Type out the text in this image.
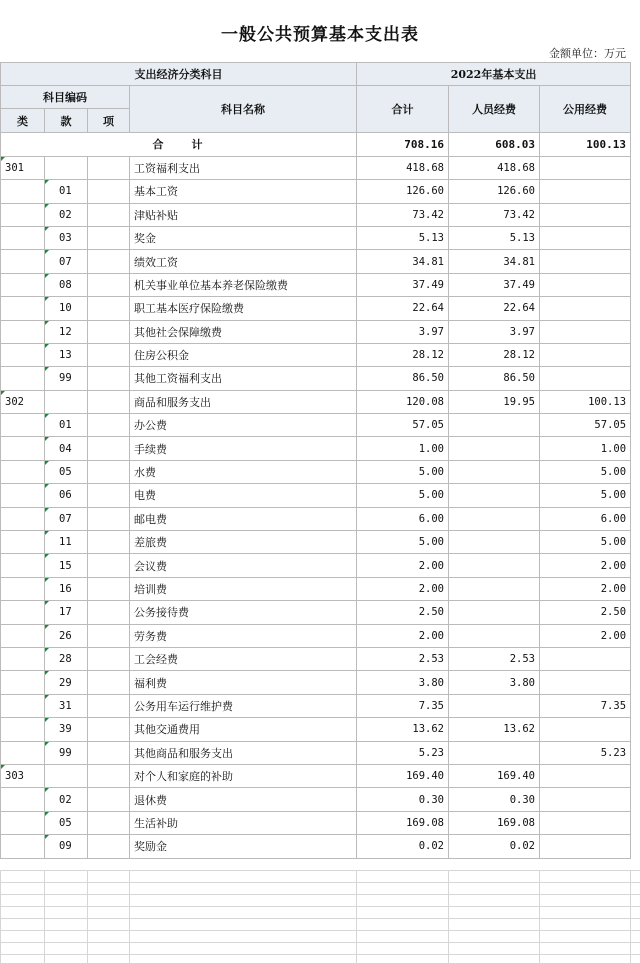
一般公共预算基本支出表
金额单位：万元
支出经济分类科目				2022年基本支出		
科目编码			科目名称	合计	人员经费	公用经费
类	款	项				
合　　计				708.16	608.03	100.13
301			工资福利支出	418.68	418.68	
	01		基本工资	126.60	126.60	
	02		津贴补贴	73.42	73.42	
	03		奖金	5.13	5.13	
	07		绩效工资	34.81	34.81	
	08		机关事业单位基本养老保险缴费	37.49	37.49	
	10		职工基本医疗保险缴费	22.64	22.64	
	12		其他社会保障缴费	3.97	3.97	
	13		住房公积金	28.12	28.12	
	99		其他工资福利支出	86.50	86.50	
302			商品和服务支出	120.08	19.95	100.13
	01		办公费	57.05		57.05
	04		手续费	1.00		1.00
	05		水费	5.00		5.00
	06		电费	5.00		5.00
	07		邮电费	6.00		6.00
	11		差旅费	5.00		5.00
	15		会议费	2.00		2.00
	16		培训费	2.00		2.00
	17		公务接待费	2.50		2.50
	26		劳务费	2.00		2.00
	28		工会经费	2.53	2.53	
	29		福利费	3.80	3.80	
	31		公务用车运行维护费	7.35		7.35
	39		其他交通费用	13.62	13.62	
	99		其他商品和服务支出	5.23		5.23
303			对个人和家庭的补助	169.40	169.40	
	02		退休费	0.30	0.30	
	05		生活补助	169.08	169.08	
	09		奖励金	0.02	0.02	
